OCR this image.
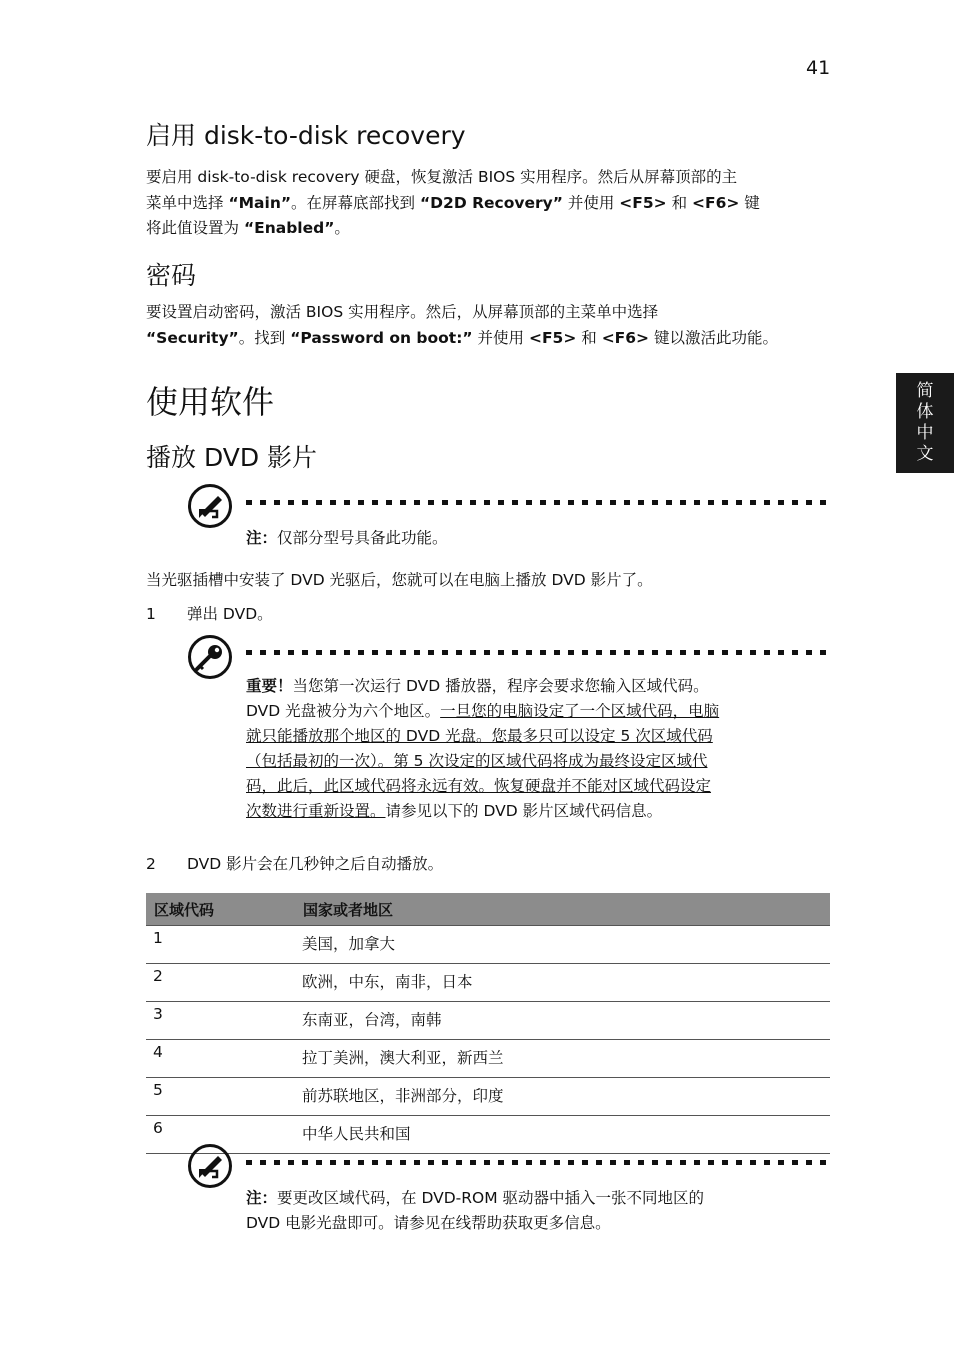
41
简
体
中
文
启用 disk-to-disk recovery
要启用 disk-to-disk recovery 硬盘，恢复激活 BIOS 实用程序。然后从屏幕顶部的主
菜单中选择 “Main”。在屏幕底部找到 “D2D Recovery” 并使用 <F5> 和 <F6> 键
将此值设置为 “Enabled”。
密码
要设置启动密码，激活 BIOS 实用程序。然后，从屏幕顶部的主菜单中选择
“Security”。找到 “Password on boot:” 并使用 <F5> 和 <F6> 键以激活此功能。
使用软件
播放 DVD 影片
注：仅部分型号具备此功能。
当光驱插槽中安装了 DVD 光驱后，您就可以在电脑上播放 DVD 影片了。
1 弹出 DVD。
重要！当您第一次运行 DVD 播放器，程序会要求您输入区域代码。
DVD 光盘被分为六个地区。一旦您的电脑设定了一个区域代码，电脑
就只能播放那个地区的 DVD 光盘。您最多只可以设定 5 次区域代码
（包括最初的一次）。第 5 次设定的区域代码将成为最终设定区域代
码，此后，此区域代码将永远有效。恢复硬盘并不能对区域代码设定
次数进行重新设置。请参见以下的 DVD 影片区域代码信息。
2 DVD 影片会在几秒钟之后自动播放。
区域代码	国家或者地区
1	美国，加拿大
2	欧洲，中东，南非，日本
3	东南亚，台湾，南韩
4	拉丁美洲，澳大利亚，新西兰
5	前苏联地区，非洲部分，印度
6	中华人民共和国
注：要更改区域代码，在 DVD-ROM 驱动器中插入一张不同地区的
DVD 电影光盘即可。请参见在线帮助获取更多信息。
